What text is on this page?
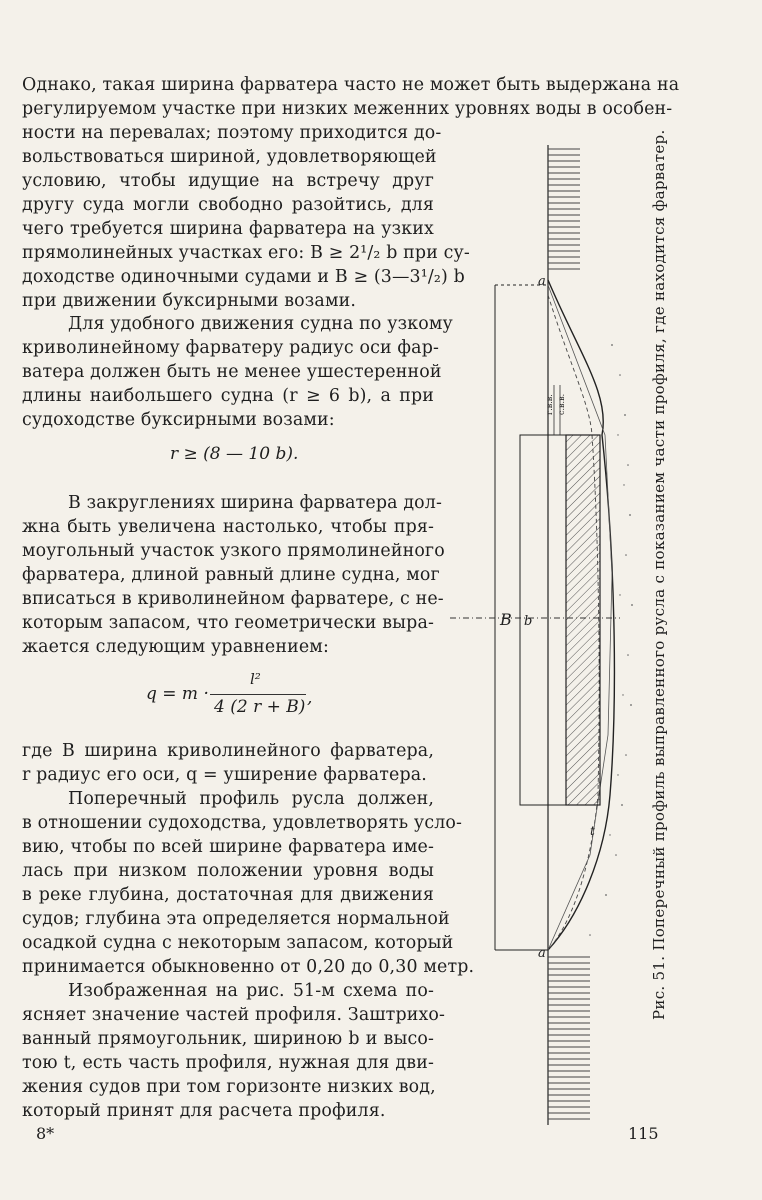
Однако, такая ширина фарватера часто не может быть выдержана на
регулируемом участке при низких меженних уровнях воды в особен-
ности на перевалах; поэтому приходится до-
вольствоваться шириной, удовлетворяющей
условию, чтобы идущие на встречу друг
другу суда могли свободно разойтись, для
чего требуется ширина фарватера на узких
прямолинейных участках его: B ≥ 2¹/₂ b при су-
доходстве одиночными судами и B ≥ (3—3¹/₂) b
при движении буксирными возами.
Для удобного движения судна по узкому
криволинейному фарватеру радиус оси фар-
ватера должен быть не менее ушестеренной
длины наибольшего судна (r ≥ 6 b), а при
судоходстве буксирными возами:
r ≥ (8 — 10 b).
В закруглениях ширина фарватера дол-
жна быть увеличена настолько, чтобы пря-
моугольный участок узкого прямолинейного
фарватера, длиной равный длине судна, мог
вписаться в криволинейном фарватере, с не-
которым запасом, что геометрически выра-
жается следующим уравнением:
q = m ·
l²
4 (2 r + B) ,
где B ширина криволинейного фарватера,
r радиус его оси, q = уширение фарватера.
Поперечный профиль русла должен,
в отношении судоходства, удовлетворять усло-
вию, чтобы по всей ширине фарватера име-
лась при низком положении уровня воды
в реке глубина, достаточная для движения
судов; глубина эта определяется нормальной
осадкой судна с некоторым запасом, который
принимается обыкновенно от 0,20 до 0,30 метр.
Изображенная на рис. 51-м схема по-
ясняет значение частей профиля. Заштрихо-
ванный прямоугольник, шириною b и высо-
тою t, есть часть профиля, нужная для дви-
жения судов при том горизонте низких вод,
который принят для расчета профиля.
a
a
B b
г.в.в. с.в.в.
t	Рис. 51. Поперечный профиль выправленного русла с показанием части профиля, где находится фарватер.
8*	115
